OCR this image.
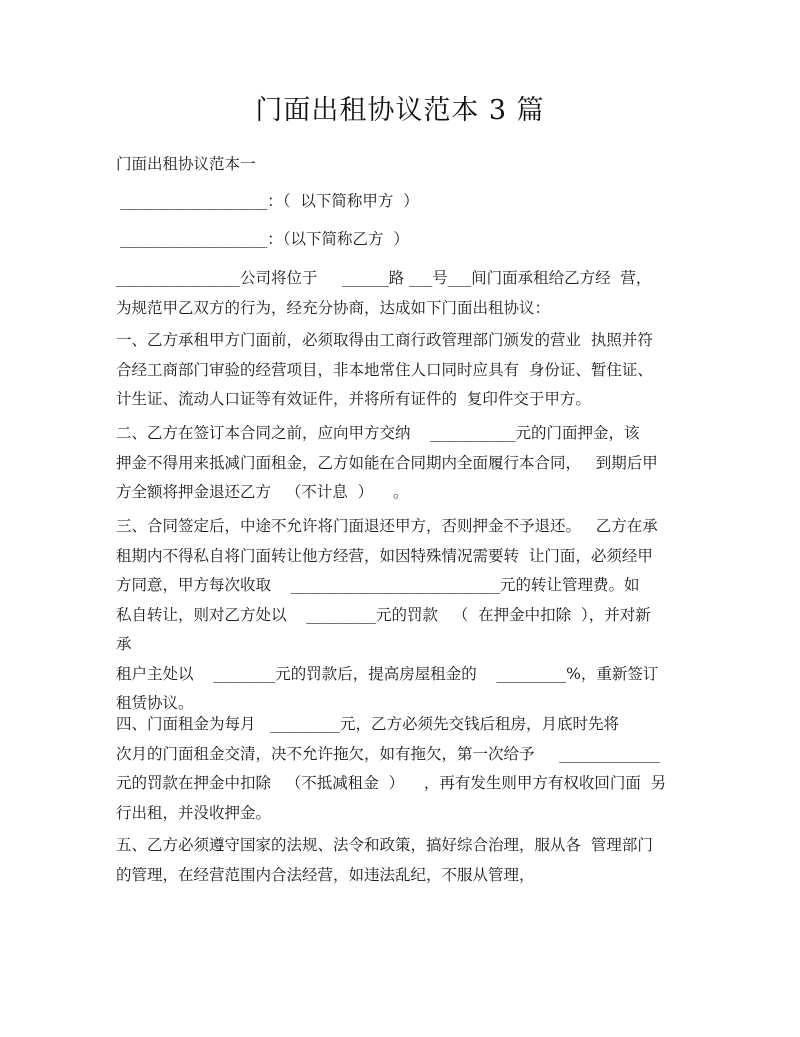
门面出租协议范本 3 篇
门面出租协议范本一
___________________：（  以下简称甲方  ）
___________________：（以下简称乙方  ）
________________公司将位于     ______路 ___号___间门面承租给乙方经  营，
为规范甲乙双方的行为，经充分协商，达成如下门面出租协议：
一、乙方承租甲方门面前，必须取得由工商行政管理部门颁发的营业  执照并符
合经工商部门审验的经营项目，非本地常住人口同时应具有  身份证、暂住证、
计生证、流动人口证等有效证件，并将所有证件的  复印件交于甲方。
二、乙方在签订本合同之前，应向甲方交纳    ___________元的门面押金，该
押金不得用来抵减门面租金，乙方如能在合同期内全面履行本合同，   到期后甲
方全额将押金退还乙方   （不计息  ）    。
三、合同签定后，中途不允许将门面退还甲方，否则押金不予退还。   乙方在承
租期内不得私自将门面转让他方经营，如因特殊情况需要转  让门面，必须经甲
方同意，甲方每次收取    ___________________________元的转让管理费。如
私自转让，则对乙方处以    _________元的罚款   （  在押金中扣除  ），并对新
承
租户主处以    ________元的罚款后，提高房屋租金的    _________%，重新签订
租赁协议。
四、门面租金为每月   _________元，乙方必须先交钱后租房，月底时先将
次月的门面租金交清，决不允许拖欠，如有拖欠，第一次给予     _____________
元的罚款在押金中扣除   （不抵减租金  ）    ，再有发生则甲方有权收回门面  另
行出租，并没收押金。
五、乙方必须遵守国家的法规、法令和政策，搞好综合治理，服从各  管理部门
的管理，在经营范围内合法经营，如违法乱纪，不服从管理，
